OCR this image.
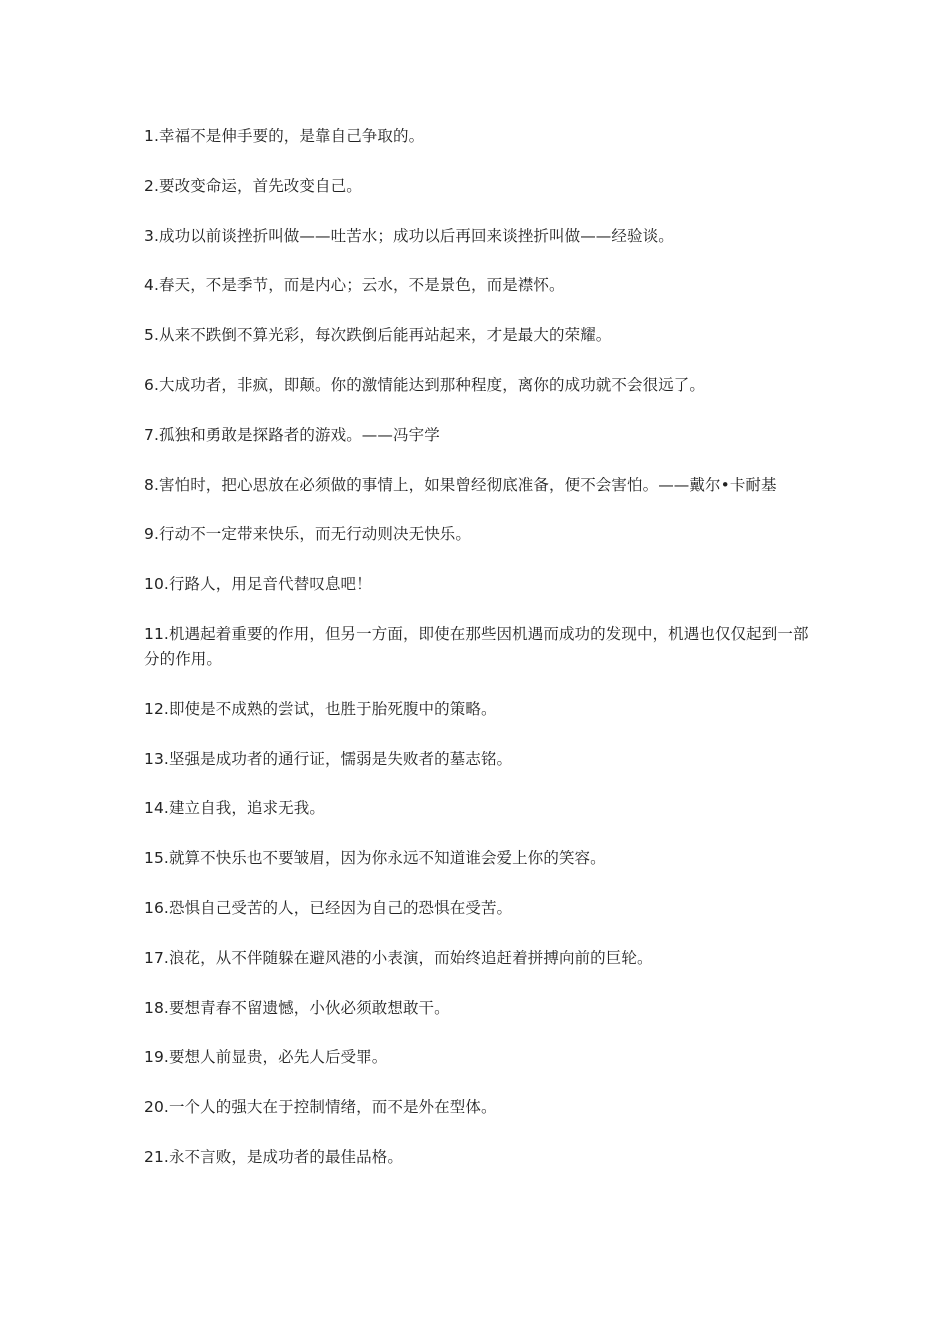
1.幸福不是伸手要的，是靠自己争取的。

2.要改变命运，首先改变自己。

3.成功以前谈挫折叫做——吐苦水；成功以后再回来谈挫折叫做——经验谈。

4.春天，不是季节，而是内心；云水，不是景色，而是襟怀。

5.从来不跌倒不算光彩，每次跌倒后能再站起来，才是最大的荣耀。

6.大成功者，非疯，即颠。你的激情能达到那种程度，离你的成功就不会很远了。

7.孤独和勇敢是探路者的游戏。——冯宇学

8.害怕时，把心思放在必须做的事情上，如果曾经彻底准备，便不会害怕。——戴尔•卡耐基

9.行动不一定带来快乐，而无行动则决无快乐。

10.行路人，用足音代替叹息吧！

11.机遇起着重要的作用，但另一方面，即使在那些因机遇而成功的发现中，机遇也仅仅起到一部分的作用。

12.即使是不成熟的尝试，也胜于胎死腹中的策略。

13.坚强是成功者的通行证，懦弱是失败者的墓志铭。

14.建立自我，追求无我。

15.就算不快乐也不要皱眉，因为你永远不知道谁会爱上你的笑容。

16.恐惧自己受苦的人，已经因为自己的恐惧在受苦。

17.浪花，从不伴随躲在避风港的小表演，而始终追赶着拼搏向前的巨轮。

18.要想青春不留遗憾，小伙必须敢想敢干。

19.要想人前显贵，必先人后受罪。

20.一个人的强大在于控制情绪，而不是外在型体。

21.永不言败，是成功者的最佳品格。
